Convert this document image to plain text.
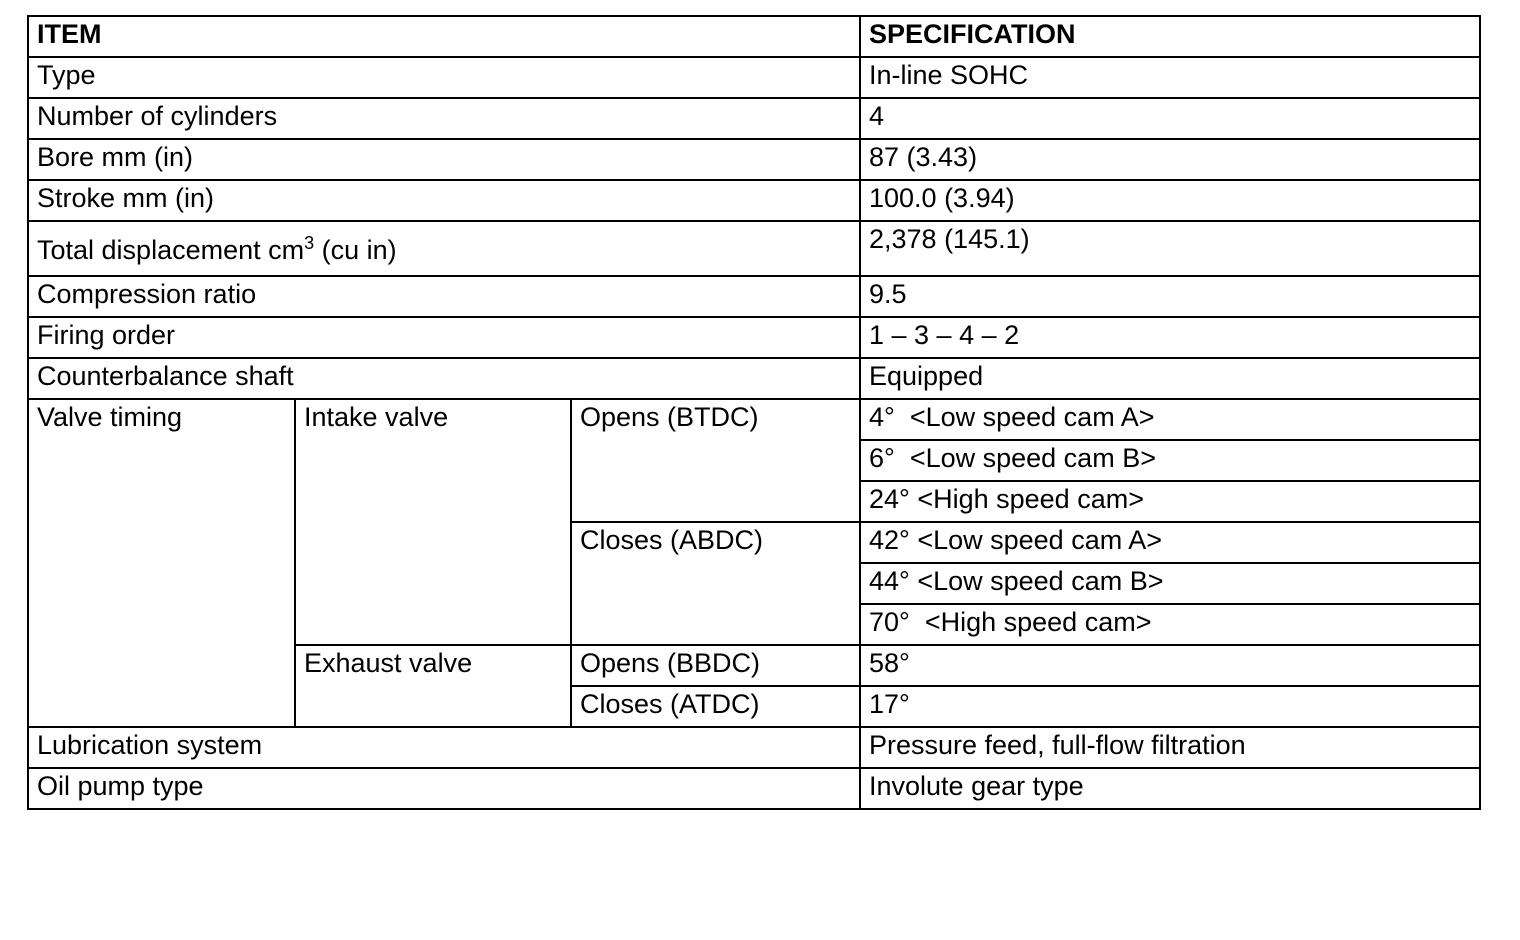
ITEM			SPECIFICATION
Type			In-line SOHC
Number of cylinders			4
Bore mm (in)			87 (3.43)
Stroke mm (in)			100.0 (3.94)
Total displacement $cm^3$ (cu in)			2,378 (145.1)
Compression ratio			9.5
Firing order			1 – 3 – 4 – 2
Counterbalance shaft			Equipped
Valve timing	Intake valve	Opens (BTDC)	4°  <Low speed cam A>
			6°  <Low speed cam B>
			24° <High speed cam>
		Closes (ABDC)	42° <Low speed cam A>
			44° <Low speed cam B>
			70°  <High speed cam>
	Exhaust valve	Opens (BBDC)	58°
		Closes (ATDC)	17°
Lubrication system			Pressure feed, full-flow filtration
Oil pump type			Involute gear type
